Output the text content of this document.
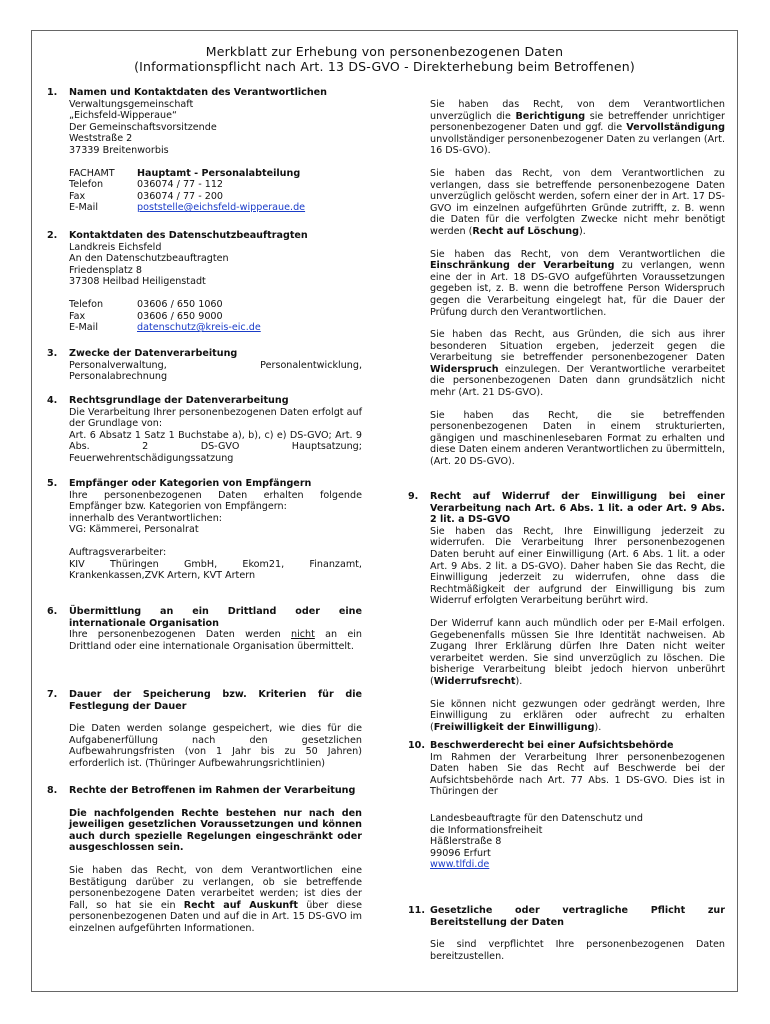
Merkblatt zur Erhebung von personenbezogenen Daten
(Informationspflicht nach Art. 13 DS-GVO - Direkterhebung beim Betroffenen)
1. Namen und Kontaktdaten des Verantwortlichen
Verwaltungsgemeinschaft
„Eichsfeld-Wipperaue“
Der Gemeinschaftsvorsitzende
Weststraße 2
37339 Breitenworbis
FACHAMT	Hauptamt - Personalabteilung
Telefon	036074 / 77 - 112
Fax	036074 / 77 - 200
E-Mail	poststelle@eichsfeld-wipperaue.de
2. Kontaktdaten des Datenschutzbeauftragten
Landkreis Eichsfeld
An den Datenschutzbeauftragten
Friedensplatz 8
37308 Heilbad Heiligenstadt
Telefon	03606 / 650 1060
Fax	03606 / 650 9000
E-Mail	datenschutz@kreis-eic.de
3. Zwecke der Datenverarbeitung
Personalverwaltung, Personalentwicklung, Personalabrechnung
4. Rechtsgrundlage der Datenverarbeitung
Die Verarbeitung Ihrer personenbezogenen Daten erfolgt auf der Grundlage von:
Art. 6 Absatz 1 Satz 1 Buchstabe a), b), c) e) DS-GVO; Art. 9 Abs. 2 DS-GVO Hauptsatzung; Feuerwehrentschädigungssatzung
5. Empfänger oder Kategorien von Empfängern
Ihre personenbezogenen Daten erhalten folgende Empfänger bzw. Kategorien von Empfängern:
innerhalb des Verantwortlichen:
VG: Kämmerei, Personalrat
Auftragsverarbeiter:
KIV Thüringen GmbH, Ekom21, Finanzamt, Krankenkassen,ZVK Artern, KVT Artern
6. Übermittlung an ein Drittland oder eine internationale Organisation
Ihre personenbezogenen Daten werden nicht an ein Drittland oder eine internationale Organisation übermittelt.
7. Dauer der Speicherung bzw. Kriterien für die Festlegung der Dauer
Die Daten werden solange gespeichert, wie dies für die Aufgabenerfüllung nach den gesetzlichen Aufbewahrungsfristen (von 1 Jahr bis zu 50 Jahren) erforderlich ist. (Thüringer Aufbewahrungsrichtlinien)
8. Rechte der Betroffenen im Rahmen der Verarbeitung
Die nachfolgenden Rechte bestehen nur nach den jeweiligen gesetzlichen Voraussetzungen und können auch durch spezielle Regelungen eingeschränkt oder ausgeschlossen sein.
Sie haben das Recht, von dem Verantwortlichen eine Bestätigung darüber zu verlangen, ob sie betreffende personenbezogene Daten verarbeitet werden; ist dies der Fall, so hat sie ein Recht auf Auskunft über diese personenbezogenen Daten und auf die in Art. 15 DS-GVO im einzelnen aufgeführten Informationen.
Sie haben das Recht, von dem Verantwortlichen unverzüglich die Berichtigung sie betreffender unrichtiger personenbezogener Daten und ggf. die Vervollständigung unvollständiger personenbezogener Daten zu verlangen (Art. 16 DS-GVO).
Sie haben das Recht, von dem Verantwortlichen zu verlangen, dass sie betreffende personenbezogene Daten unverzüglich gelöscht werden, sofern einer der in Art. 17 DS-GVO im einzelnen aufgeführten Gründe zutrifft, z. B. wenn die Daten für die verfolgten Zwecke nicht mehr benötigt werden (Recht auf Löschung).
Sie haben das Recht, von dem Verantwortlichen die Einschränkung der Verarbeitung zu verlangen, wenn eine der in Art. 18 DS-GVO aufgeführten Voraussetzungen gegeben ist, z. B. wenn die betroffene Person Widerspruch gegen die Verarbeitung eingelegt hat, für die Dauer der Prüfung durch den Verantwortlichen.
Sie haben das Recht, aus Gründen, die sich aus ihrer besonderen Situation ergeben, jederzeit gegen die Verarbeitung sie betreffender personenbezogener Daten Widerspruch einzulegen. Der Verantwortliche verarbeitet die personenbezogenen Daten dann grundsätzlich nicht mehr (Art. 21 DS-GVO).
Sie haben das Recht, die sie betreffenden personenbezogenen Daten in einem strukturierten, gängigen und maschinenlesebaren Format zu erhalten und diese Daten einem anderen Verantwortlichen zu übermitteln, (Art. 20 DS-GVO).
9. Recht auf Widerruf der Einwilligung bei einer Verarbeitung nach Art. 6 Abs. 1 lit. a oder Art. 9 Abs. 2 lit. a DS-GVO
Sie haben das Recht, Ihre Einwilligung jederzeit zu widerrufen. Die Verarbeitung Ihrer personenbezogenen Daten beruht auf einer Einwilligung (Art. 6 Abs. 1 lit. a oder Art. 9 Abs. 2 lit. a DS-GVO). Daher haben Sie das Recht, die Einwilligung jederzeit zu widerrufen, ohne dass die Rechtmäßigkeit der aufgrund der Einwilligung bis zum Widerruf erfolgten Verarbeitung berührt wird.
Der Widerruf kann auch mündlich oder per E-Mail erfolgen. Gegebenenfalls müssen Sie Ihre Identität nachweisen. Ab Zugang Ihrer Erklärung dürfen Ihre Daten nicht weiter verarbeitet werden. Sie sind unverzüglich zu löschen. Die bisherige Verarbeitung bleibt jedoch hiervon unberührt (Widerrufsrecht).
Sie können nicht gezwungen oder gedrängt werden, Ihre Einwilligung zu erklären oder aufrecht zu erhalten (Freiwilligkeit der Einwilligung).
10. Beschwerderecht bei einer Aufsichtsbehörde
Im Rahmen der Verarbeitung Ihrer personenbezogenen Daten haben Sie das Recht auf Beschwerde bei der Aufsichtsbehörde nach Art. 77 Abs. 1 DS-GVO. Dies ist in Thüringen der
Landesbeauftragte für den Datenschutz und
die Informationsfreiheit
Häßlerstraße 8
99096 Erfurt
www.tlfdi.de
11. Gesetzliche oder vertragliche Pflicht zur Bereitstellung der Daten
Sie sind verpflichtet Ihre personenbezogenen Daten bereitzustellen.
